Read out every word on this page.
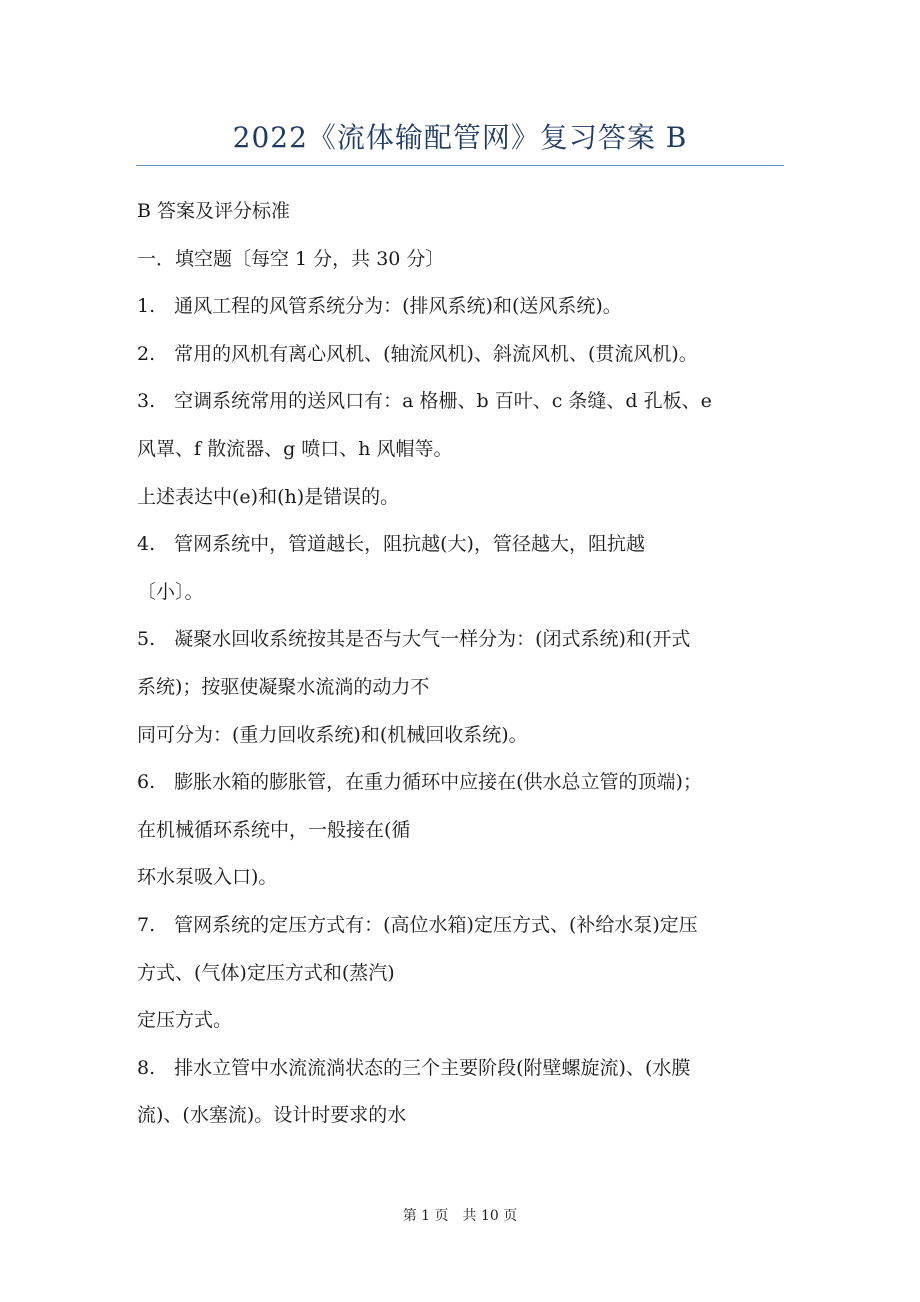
2022《流体输配管网》复习答案 B
B 答案及评分标准
一．填空题〔每空 1 分，共 30 分〕
1.　通风工程的风管系统分为：(排风系统)和(送风系统)。
2.　常用的风机有离心风机、(轴流风机)、斜流风机、(贯流风机)。
3.　空调系统常用的送风口有：a 格栅、b 百叶、c 条缝、d 孔板、e
风罩、f 散流器、g 喷口、h 风帽等。
上述表达中(e)和(h)是错误的。
4.　管网系统中，管道越长，阻抗越(大)，管径越大，阻抗越
〔小〕。
5.　凝聚水回收系统按其是否与大气一样分为：(闭式系统)和(开式
系统)；按驱使凝聚水流淌的动力不
同可分为：(重力回收系统)和(机械回收系统)。
6.　膨胀水箱的膨胀管，在重力循环中应接在(供水总立管的顶端)；
在机械循环系统中，一般接在(循
环水泵吸入口)。
7.　管网系统的定压方式有：(高位水箱)定压方式、(补给水泵)定压
方式、(气体)定压方式和(蒸汽)
定压方式。
8.　排水立管中水流流淌状态的三个主要阶段(附壁螺旋流)、(水膜
流)、(水塞流)。设计时要求的水
第 1 页　共 10 页
